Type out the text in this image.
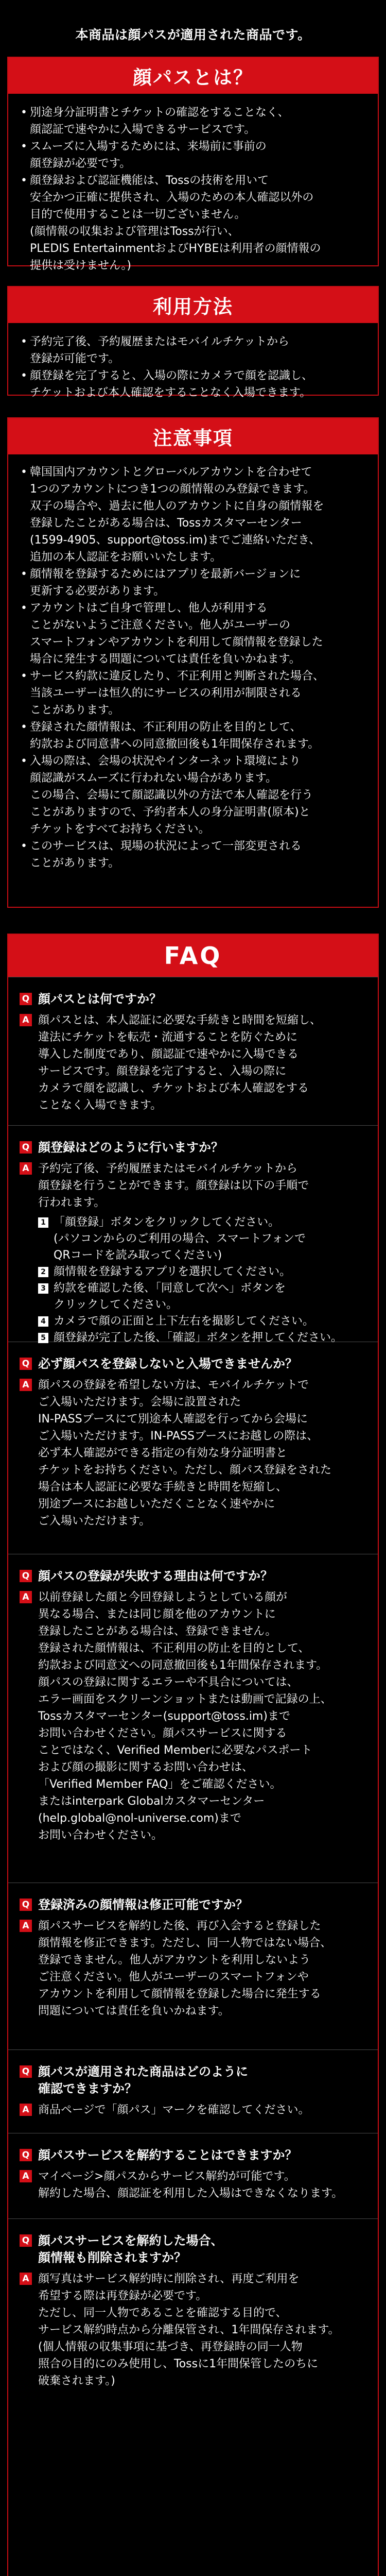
本商品は顔パスが適用された商品です。
顔パスとは？
• 別途身分証明書とチケットの確認をすることなく、
顔認証で速やかに入場できるサービスです。
• スムーズに入場するためには、来場前に事前の
顔登録が必要です。
• 顔登録および認証機能は、Tossの技術を用いて
安全かつ正確に提供され、入場のための本人確認以外の
目的で使用することは一切ございません。
(顔情報の収集および管理はTossが行い、
PLEDIS EntertainmentおよびHYBEは利用者の顔情報の
提供は受けません。)
利用方法
• 予約完了後、予約履歴またはモバイルチケットから
登録が可能です。
• 顔登録を完了すると、入場の際にカメラで顔を認識し、
チケットおよび本人確認をすることなく入場できます。
注意事項
• 韓国国内アカウントとグローバルアカウントを合わせて
1つのアカウントにつき1つの顔情報のみ登録できます。
双子の場合や、過去に他人のアカウントに自身の顔情報を
登録したことがある場合は、Tossカスタマーセンター
(1599-4905、support@toss.im)までご連絡いただき、
追加の本人認証をお願いいたします。
• 顔情報を登録するためにはアプリを最新バージョンに
更新する必要があります。
• アカウントはご自身で管理し、他人が利用する
ことがないようご注意ください。他人がユーザーの
スマートフォンやアカウントを利用して顔情報を登録した
場合に発生する問題については責任を負いかねます。
• サービス約款に違反したり、不正利用と判断された場合、
当該ユーザーは恒久的にサービスの利用が制限される
ことがあります。
• 登録された顔情報は、不正利用の防止を目的として、
約款および同意書への同意撤回後も1年間保存されます。
• 入場の際は、会場の状況やインターネット環境により
顔認識がスムーズに行われない場合があります。
この場合、会場にて顔認識以外の方法で本人確認を行う
ことがありますので、予約者本人の身分証明書(原本)と
チケットをすべてお持ちください。
• このサービスは、現場の状況によって一部変更される
ことがあります。
FAQ
Q 顔パスとは何ですか？
A 顔パスとは、本人認証に必要な手続きと時間を短縮し、
違法にチケットを転売・流通することを防ぐために
導入した制度であり、顔認証で速やかに入場できる
サービスです。顔登録を完了すると、入場の際に
カメラで顔を認識し、チケットおよび本人確認をする
ことなく入場できます。
Q 顔登録はどのように行いますか？
A 予約完了後、予約履歴またはモバイルチケットから
顔登録を行うことができます。顔登録は以下の手順で
行われます。
1 「顔登録」ボタンをクリックしてください。
(パソコンからのご利用の場合、スマートフォンで
QRコードを読み取ってください)
2 顔情報を登録するアプリを選択してください。
3 約款を確認した後、「同意して次へ」ボタンを
クリックしてください。
4 カメラで顔の正面と上下左右を撮影してください。
5 顔登録が完了した後、「確認」ボタンを押してください。
Q 必ず顔パスを登録しないと入場できませんか？
A 顔パスの登録を希望しない方は、モバイルチケットで
ご入場いただけます。会場に設置された
IN-PASSブースにて別途本人確認を行ってから会場に
ご入場いただけます。IN-PASSブースにお越しの際は、
必ず本人確認ができる指定の有効な身分証明書と
チケットをお持ちください。ただし、顔パス登録をされた
場合は本人認証に必要な手続きと時間を短縮し、
別途ブースにお越しいただくことなく速やかに
ご入場いただけます。
Q 顔パスの登録が失敗する理由は何ですか？
A 以前登録した顔と今回登録しようとしている顔が
異なる場合、または同じ顔を他のアカウントに
登録したことがある場合は、登録できません。
登録された顔情報は、不正利用の防止を目的として、
約款および同意文への同意撤回後も1年間保存されます。
顔パスの登録に関するエラーや不具合については、
エラー画面をスクリーンショットまたは動画で記録の上、
Tossカスタマーセンター(support@toss.im)まで
お問い合わせください。顔パスサービスに関する
ことではなく、Verified Memberに必要なパスポート
および顔の撮影に関するお問い合わせは、
「Verified Member FAQ」をご確認ください。
またはinterpark Globalカスタマーセンター
(help.global@nol-universe.com)まで
お問い合わせください。
Q 登録済みの顔情報は修正可能ですか？
A 顔パスサービスを解約した後、再び入会すると登録した
顔情報を修正できます。ただし、同一人物ではない場合、
登録できません。他人がアカウントを利用しないよう
ご注意ください。他人がユーザーのスマートフォンや
アカウントを利用して顔情報を登録した場合に発生する
問題については責任を負いかねます。
Q 顔パスが適用された商品はどのように
確認できますか？
A 商品ページで「顔パス」マークを確認してください。
Q 顔パスサービスを解約することはできますか？
A マイページ>顔パスからサービス解約が可能です。
解約した場合、顔認証を利用した入場はできなくなります。
Q 顔パスサービスを解約した場合、
顔情報も削除されますか？
A 顔写真はサービス解約時に削除され、再度ご利用を
希望する際は再登録が必要です。
ただし、同一人物であることを確認する目的で、
サービス解約時点から分離保管され、1年間保存されます。
(個人情報の収集事項に基づき、再登録時の同一人物
照合の目的にのみ使用し、Tossに1年間保管したのちに
破棄されます。)
